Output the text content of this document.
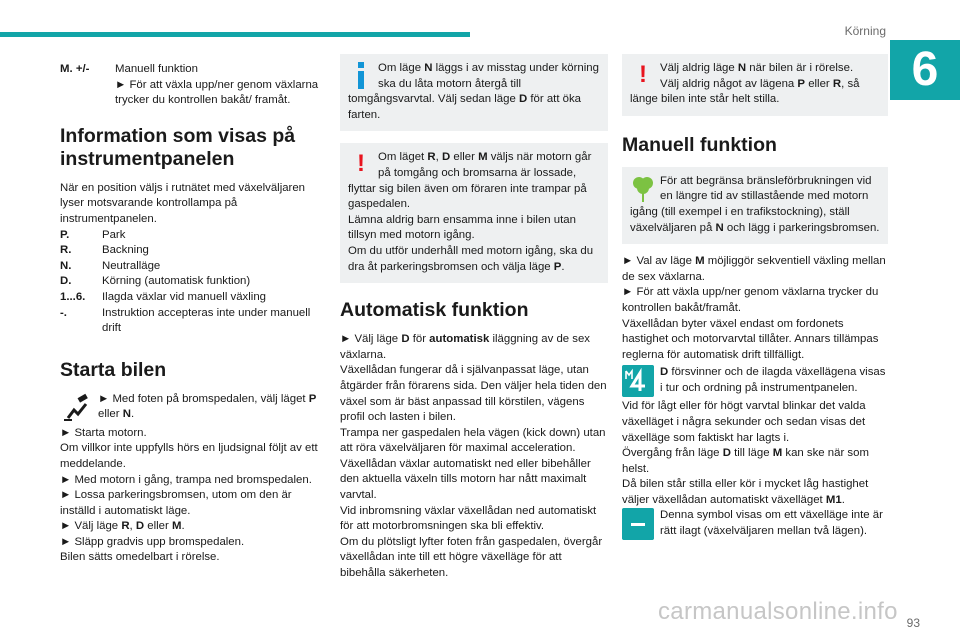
Körning
6
M. +/-	Manuell funktion
► För att växla upp/ner genom växlarna trycker du kontrollen bakåt/ framåt.
Information som visas på instrumentpanelen

När en position väljs i rutnätet med växelväljaren lyser motsvarande kontrollampa på instrumentpanelen.

P.	Park
R.	Backning
N.	Neutralläge
D.	Körning (automatisk funktion)
1...6.	Ilagda växlar vid manuell växling
-.	Instruktion accepteras inte under manuell drift
Starta bilen

► Med foten på bromspedalen, välj läget P eller N.

► Starta motorn.

Om villkor inte uppfylls hörs en ljudsignal följt av ett meddelande.

► Med motorn i gång, trampa ned bromspedalen.

► Lossa parkeringsbromsen, utom om den är inställd i automatiskt läge.

► Välj läge R, D eller M.

► Släpp gradvis upp bromspedalen.

Bilen sätts omedelbart i rörelse.

Om läge N läggs i av misstag under körning ska du låta motorn återgå till tomgångsvarvtal. Välj sedan läge D för att öka farten.

!	Om läget R, D eller M väljs när motorn går på tomgång och bromsarna är lossade, flyttar sig bilen även om föraren inte trampar på gaspedalen.

Lämna aldrig barn ensamma inne i bilen utan tillsyn med motorn igång.

Om du utför underhåll med motorn igång, ska du dra åt parkeringsbromsen och välja läge P.

Automatisk funktion

► Välj läge D för automatisk iläggning av de sex växlarna.

Växellådan fungerar då i självanpassat läge, utan åtgärder från förarens sida. Den väljer hela tiden den växel som är bäst anpassad till körstilen, vägens profil och lasten i bilen.

Trampa ner gaspedalen hela vägen (kick down) utan att röra växelväljaren för maximal acceleration. Växellådan växlar automatiskt ned eller bibehåller den aktuella växeln tills motorn har nått maximalt varvtal.

Vid inbromsning växlar växellådan ned automatiskt för att motorbromsningen ska bli effektiv.

Om du plötsligt lyfter foten från gaspedalen, övergår växellådan inte till ett högre växelläge för att bibehålla säkerheten.

!	Välj aldrig läge N när bilen är i rörelse.

Välj aldrig något av lägena P eller R, så länge bilen inte står helt stilla.

Manuell funktion

För att begränsa bränsleförbrukningen vid en längre tid av stillastående med motorn igång (till exempel i en trafikstockning), ställ växelväljaren på N och lägg i parkeringsbromsen.

► Val av läge M möjliggör sekventiell växling mellan de sex växlarna.

► För att växla upp/ner genom växlarna trycker du kontrollen bakåt/framåt.

Växellådan byter växel endast om fordonets hastighet och motorvarvtal tillåter. Annars tillämpas reglerna för automatisk drift tillfälligt.

D försvinner och de ilagda växellägena visas i tur och ordning på instrumentpanelen.

Vid för lågt eller för högt varvtal blinkar det valda växelläget i några sekunder och sedan visas det växelläge som faktiskt har lagts i.

Övergång från läge D till läge M kan ske när som helst.

Då bilen står stilla eller kör i mycket låg hastighet väljer växellådan automatiskt växelläget M1.

Denna symbol visas om ett växelläge inte är rätt ilagt (växelväljaren mellan två lägen).

carmanualsonline.info 93
